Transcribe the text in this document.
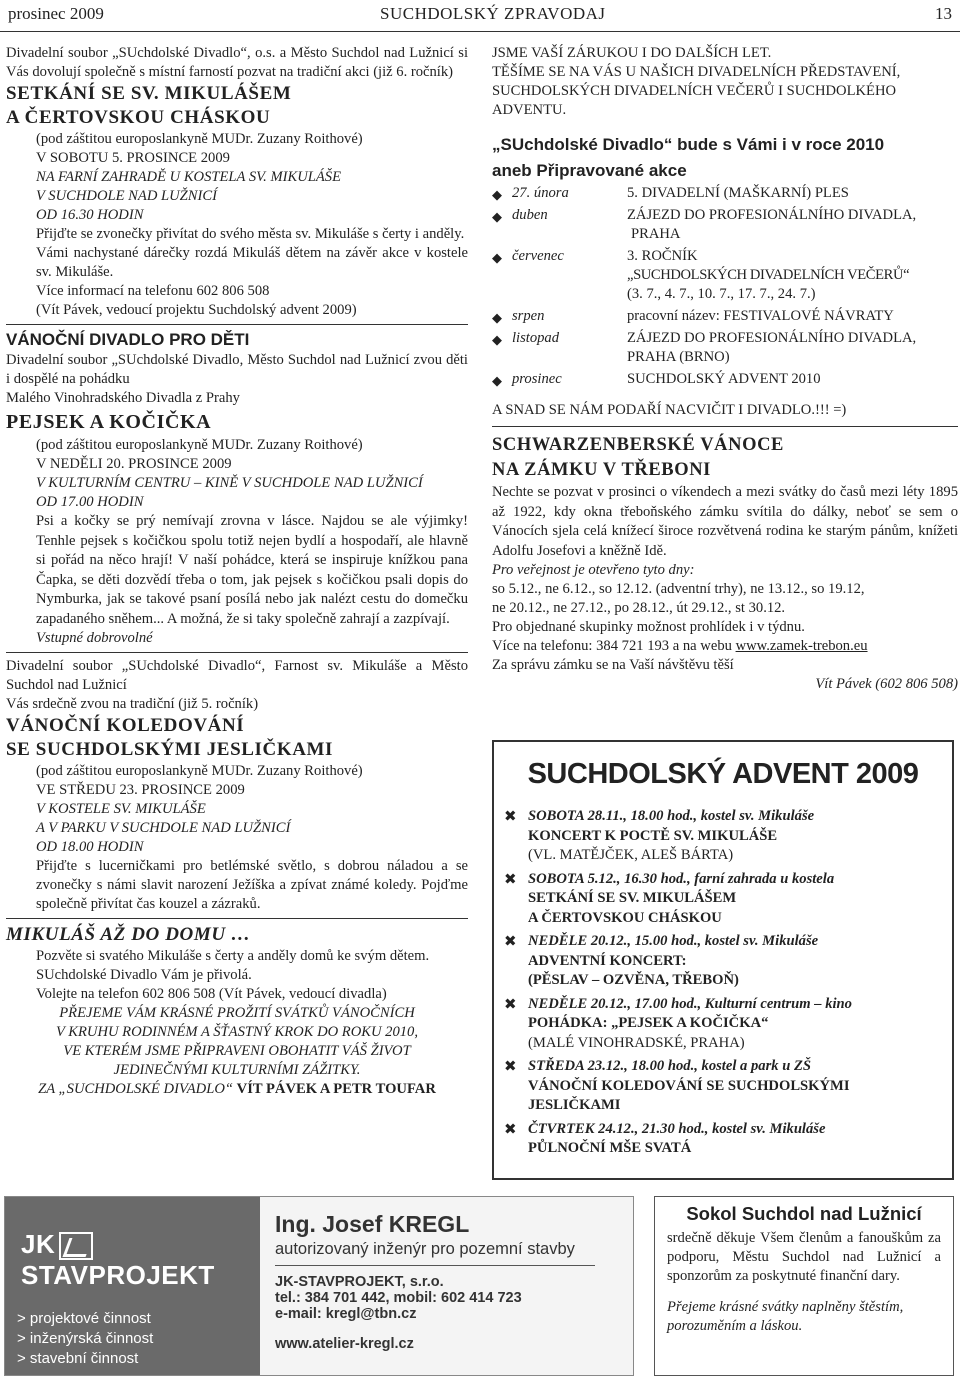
prosinec 2009	SUCHDOLSKÝ ZPRAVODAJ	13
Divadelní soubor „SUchdolské Divadlo“, o.s. a Město Suchdol nad Lužnicí si Vás dovolují společně s místní farností pozvat na tradiční akci (již 6. ročník)
SETKÁNÍ SE SV. MIKULÁŠEM
A ČERTOVSKOU CHÁSKOU
(pod záštitou europoslankyně MUDr. Zuzany Roithové)
V SOBOTU 5. PROSINCE 2009
NA FARNÍ ZAHRADĚ U KOSTELA SV. MIKULÁŠE
V SUCHDOLE NAD LUŽNICÍ
OD 16.30 HODIN
Přijďte se zvonečky přivítat do svého města sv. Mikuláše s čerty i anděly.
Vámi nachystané dárečky rozdá Mikuláš dětem na závěr akce v kostele sv. Mikuláše.
Více informací na telefonu 602 806 508
(Vít Pávek, vedoucí projektu Suchdolský advent 2009)
VÁNOČNÍ DIVADLO PRO DĚTI
Divadelní soubor „SUchdolské Divadlo, Město Suchdol nad Lužnicí zvou děti i dospělé na pohádku
Malého Vinohradského Divadla z Prahy
PEJSEK A KOČIČKA
(pod záštitou europoslankyně MUDr. Zuzany Roithové)
V NEDĚLI 20. PROSINCE 2009
V KULTURNÍM CENTRU – KINĚ V SUCHDOLE NAD LUŽNICÍ
OD 17.00 HODIN
Psi a kočky se prý nemívají zrovna v lásce. Najdou se ale výjimky! Tenhle pejsek s kočičkou spolu totiž nejen bydlí a hospodaří, ale hlavně si pořád na něco hrají! V naší pohádce, která se inspiruje knížkou pana Čapka, se děti dozvědí třeba o tom, jak pejsek s kočičkou psali dopis do Nymburka, jak se takové psaní posílá nebo jak nalézt cestu do domečku zapadaného sněhem... A možná, že si taky společně zahrají a zazpívají.
Vstupné dobrovolné
Divadelní soubor „SUchdolské Divadlo“, Farnost sv. Mikuláše a Město Suchdol nad Lužnicí
Vás srdečně zvou na tradiční (již 5. ročník)
VÁNOČNÍ KOLEDOVÁNÍ
SE SUCHDOLSKÝMI JESLIČKAMI
(pod záštitou europoslankyně MUDr. Zuzany Roithové)
VE STŘEDU 23. PROSINCE 2009
V KOSTELE SV. MIKULÁŠE
A V PARKU V SUCHDOLE NAD LUŽNICÍ
OD 18.00 HODIN
Přijďte s lucerničkami pro betlémské světlo, s dobrou náladou a se zvonečky s námi slavit narození Ježíška a zpívat známé koledy. Pojďme společně přivítat čas kouzel a zázraků.
MIKULÁŠ AŽ DO DOMU …
Pozvěte si svatého Mikuláše s čerty a anděly domů ke svým dětem.
SUchdolské Divadlo Vám je přivolá.
Volejte na telefon 602 806 508 (Vít Pávek, vedoucí divadla)
PŘEJEME VÁM KRÁSNÉ PROŽITÍ SVÁTKŮ VÁNOČNÍCH
V KRUHU RODINNÉM A ŠŤASTNÝ KROK DO ROKU 2010,
VE KTERÉM JSME PŘIPRAVENI OBOHATIT VÁŠ ŽIVOT
JEDINEČNÝMI KULTURNÍMI ZÁŽITKY.
ZA „SUCHDOLSKÉ DIVADLO“ VÍT PÁVEK A PETR TOUFAR
JSME VAŠÍ ZÁRUKOU I DO DALŠÍCH LET.
TĚŠÍME SE NA VÁS U NAŠICH DIVADELNÍCH PŘEDSTAVENÍ, SUCHDOLSKÝCH DIVADELNÍCH VEČERŮ I SUCHDOLKÉHO ADVENTU.
„SUchdolské Divadlo“ bude s Vámi i v roce 2010
aneb Připravované akce
◆ 27. února	5. DIVADELNÍ (MAŠKARNÍ) PLES
◆ duben	ZÁJEZD DO PROFESIONÁLNÍHO DIVADLA,
PRAHA
◆ červenec	3. ROČNÍK
„SUCHDOLSKÝCH DIVADELNÍCH VEČERŮ“
(3. 7., 4. 7., 10. 7., 17. 7., 24. 7.)
◆ srpen	pracovní název: FESTIVALOVÉ NÁVRATY
◆ listopad	ZÁJEZD DO PROFESIONÁLNÍHO DIVADLA,
PRAHA (BRNO)
◆ prosinec	SUCHDOLSKÝ ADVENT 2010
A SNAD SE NÁM PODAŘÍ NACVIČIT I DIVADLO.!!! =)
SCHWARZENBERSKÉ VÁNOCE
NA ZÁMKU V TŘEBONI
Nechte se pozvat v prosinci o víkendech a mezi svátky do časů mezi léty 1895 až 1922, kdy okna třeboňského zámku svítila do dálky, neboť se sem o Vánocích sjela celá knížecí široce rozvětvená rodina ke starým pánům, knížeti Adolfu Josefovi a kněžně Idě.
Pro veřejnost je otevřeno tyto dny:
so 5.12., ne 6.12., so 12.12. (adventní trhy), ne 13.12., so 19.12,
ne 20.12., ne 27.12., po 28.12., út 29.12., st 30.12.
Pro objednané skupinky možnost prohlídek i v týdnu.
Více na telefonu: 384 721 193 a na webu www.zamek-trebon.eu
Za správu zámku se na Vaší návštěvu těší
Vít Pávek (602 806 508)
SUCHDOLSKÝ ADVENT 2009
✖ SOBOTA 28.11., 18.00 hod., kostel sv. Mikuláše
KONCERT K POCTĚ SV. MIKULÁŠE
(VL. MATĚJČEK, ALEŠ BÁRTA)
✖ SOBOTA 5.12., 16.30 hod., farní zahrada u kostela
SETKÁNÍ SE SV. MIKULÁŠEM
A ČERTOVSKOU CHÁSKOU
✖ NEDĚLE 20.12., 15.00 hod., kostel sv. Mikuláše
ADVENTNÍ KONCERT:
(PĚSLAV – OZVĚNA, TŘEBOŇ)
✖ NEDĚLE 20.12., 17.00 hod., Kulturní centrum – kino
POHÁDKA: „PEJSEK A KOČIČKA“
(MALÉ VINOHRADSKÉ, PRAHA)
✖ STŘEDA 23.12., 18.00 hod., kostel a park u ZŠ
VÁNOČNÍ KOLEDOVÁNÍ SE SUCHDOLSKÝMI
JESLIČKAMI
✖ ČTVRTEK 24.12., 21.30 hod., kostel sv. Mikuláše
PŮLNOČNÍ MŠE SVATÁ
JKSTAVPROJEKT
> projektové činnost
> inženýrská činnost
> stavební činnost
Ing. Josef KREGL
autorizovaný inženýr pro pozemní stavby
JK-STAVPROJEKT, s.r.o.
tel.: 384 701 442, mobil: 602 414 723
e-mail: kregl@tbn.cz
www.atelier-kregl.cz
Sokol Suchdol nad Lužnicí
srdečně děkuje Všem členům a fanouškům za podporu, Městu Suchdol nad Lužnicí a sponzorům za poskytnuté finanční dary.
Přejeme krásné svátky naplněny štěstím, porozuměním a láskou.
